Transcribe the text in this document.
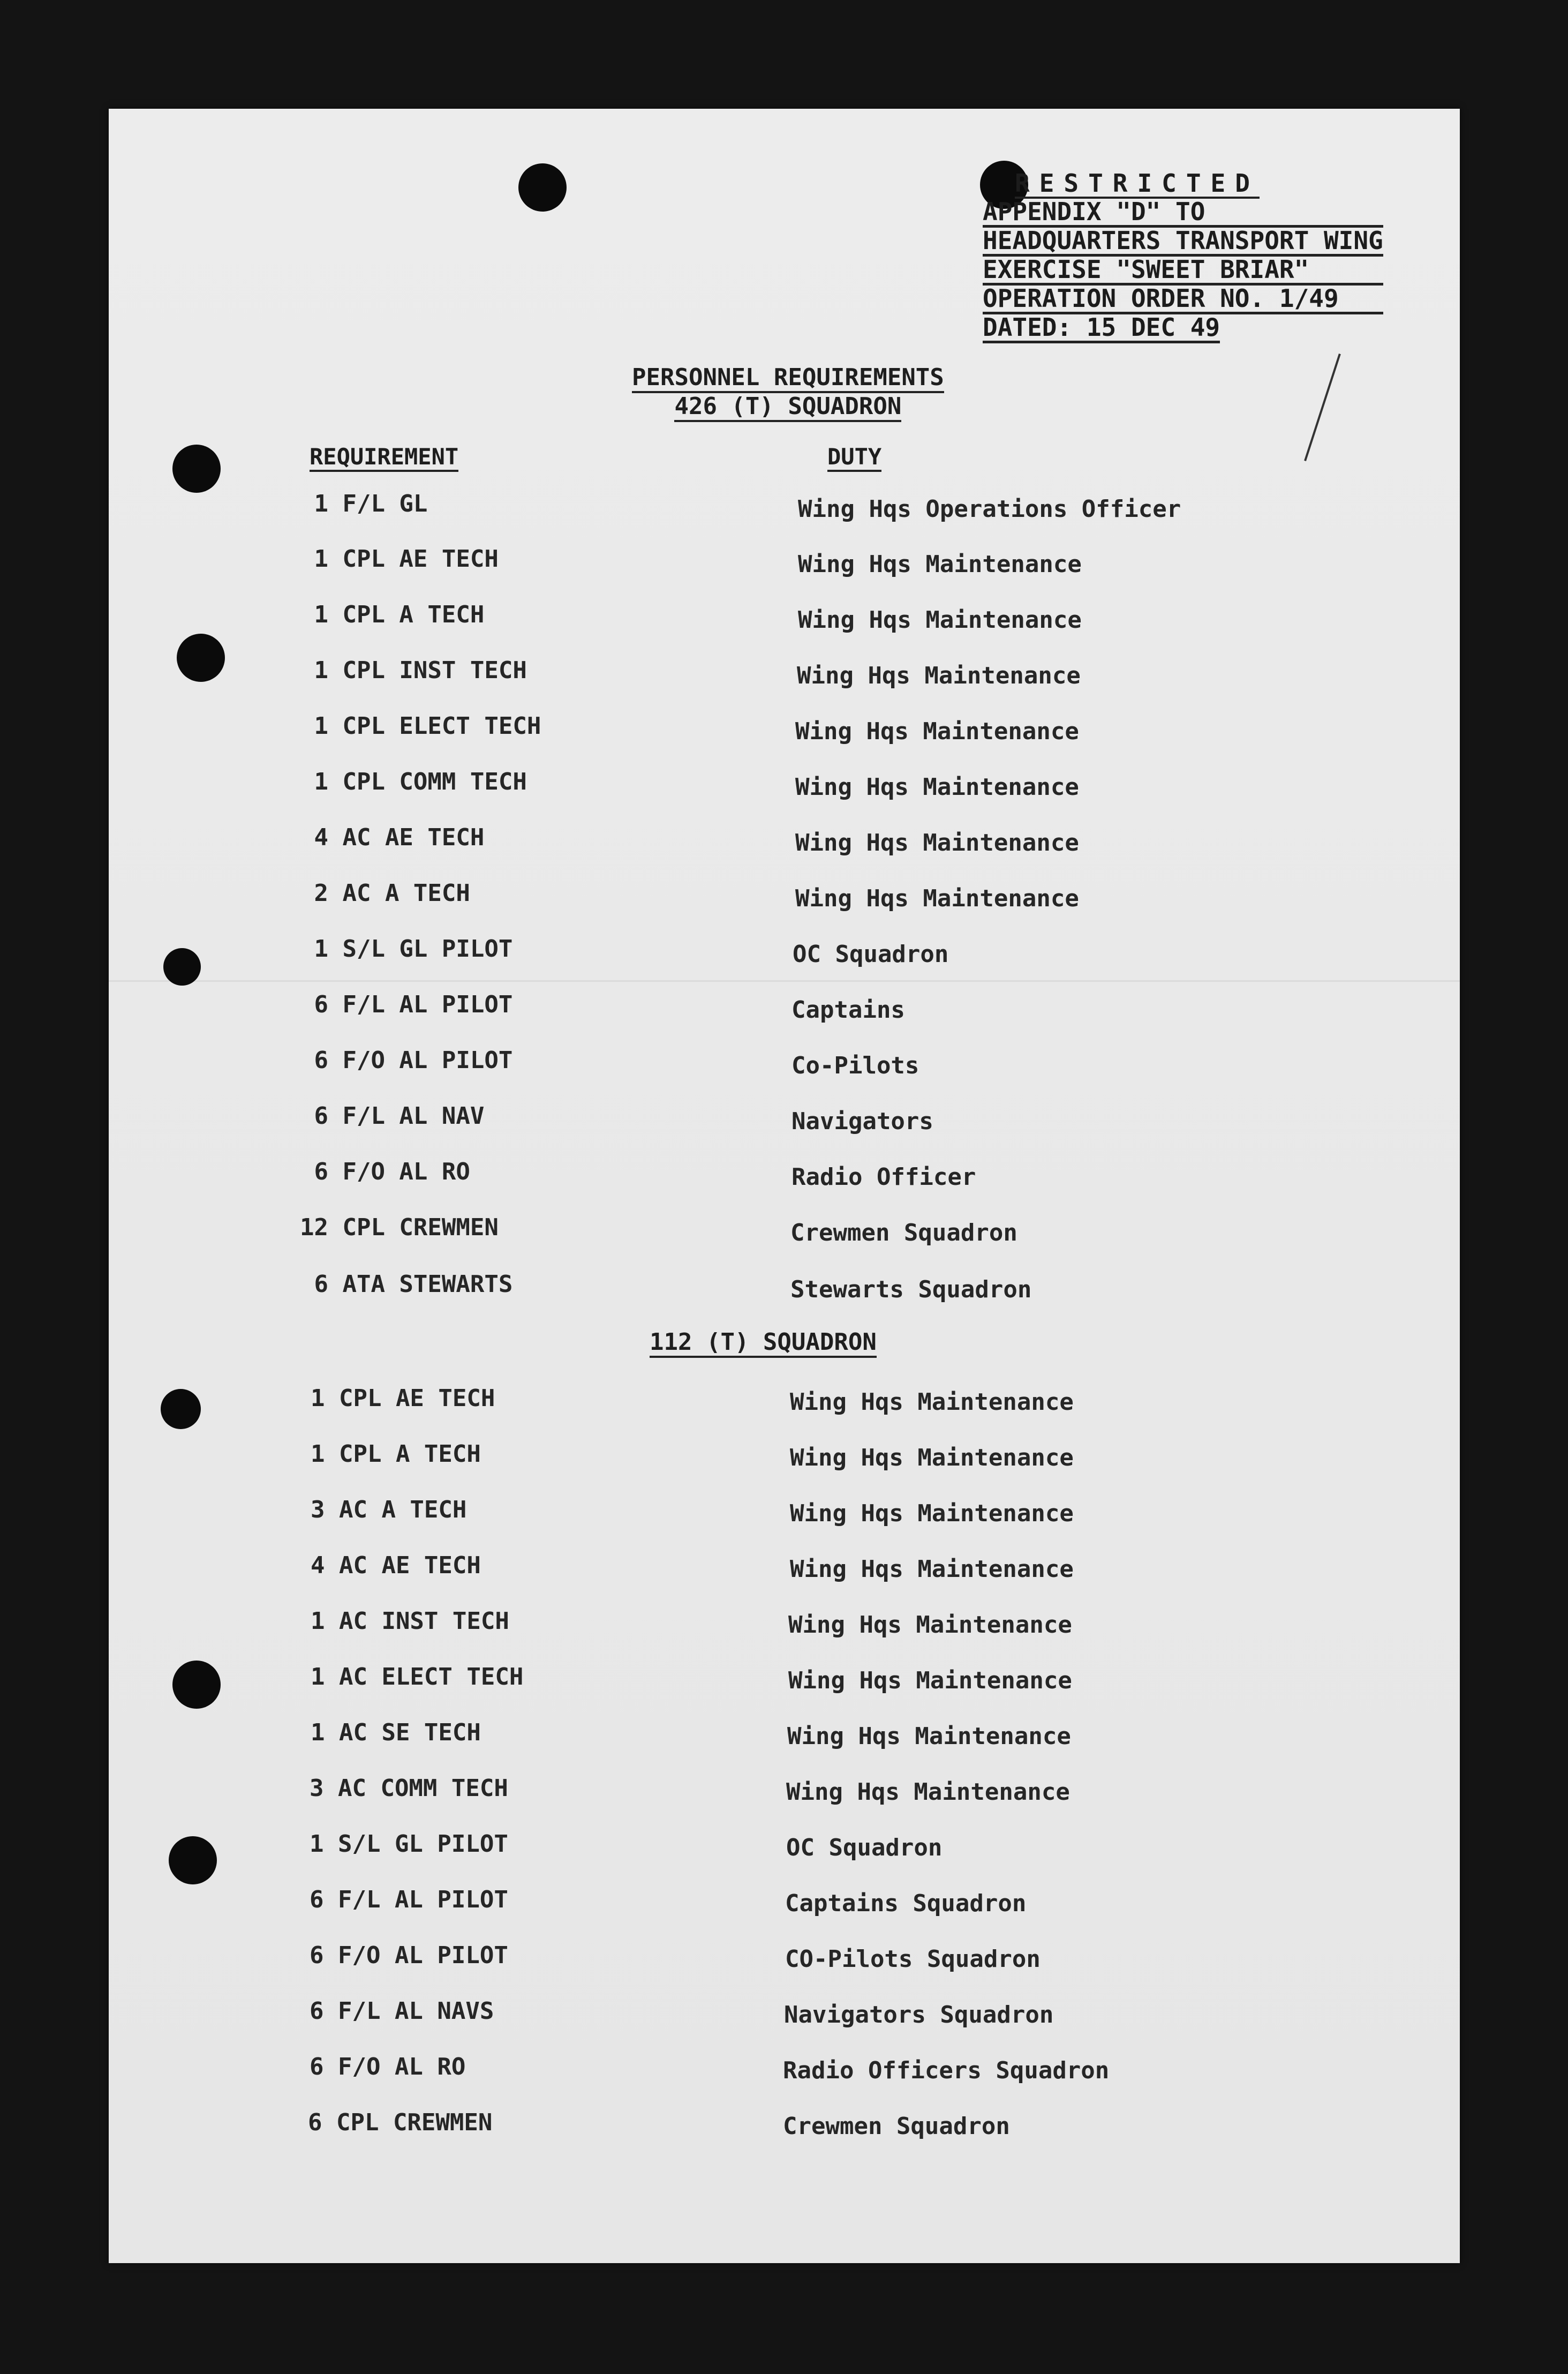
RESTRICTED
APPENDIX "D" TO
HEADQUARTERS TRANSPORT WING
EXERCISE "SWEET BRIAR"
OPERATION ORDER NO. 1/49
DATED: 15 DEC 49
PERSONNEL REQUIREMENTS
426 (T) SQUADRON
REQUIREMENT	DUTY
1 F/L GL	Wing Hqs Operations Officer
1 CPL AE TECH	Wing Hqs Maintenance
1 CPL A TECH	Wing Hqs Maintenance
1 CPL INST TECH	Wing Hqs Maintenance
1 CPL ELECT TECH	Wing Hqs Maintenance
1 CPL COMM TECH	Wing Hqs Maintenance
4 AC AE TECH	Wing Hqs Maintenance
2 AC A TECH	Wing Hqs Maintenance
1 S/L GL PILOT	OC Squadron
6 F/L AL PILOT	Captains
6 F/O AL PILOT	Co-Pilots
6 F/L AL NAV	Navigators
6 F/O AL RO	Radio Officer
12 CPL CREWMEN	Crewmen Squadron
6 ATA STEWARTS	Stewarts Squadron
112 (T) SQUADRON
1 CPL AE TECH	Wing Hqs Maintenance
1 CPL A TECH	Wing Hqs Maintenance
3 AC A TECH	Wing Hqs Maintenance
4 AC AE TECH	Wing Hqs Maintenance
1 AC INST TECH	Wing Hqs Maintenance
1 AC ELECT TECH	Wing Hqs Maintenance
1 AC SE TECH	Wing Hqs Maintenance
3 AC COMM TECH	Wing Hqs Maintenance
1 S/L GL PILOT	OC Squadron
6 F/L AL PILOT	Captains Squadron
6 F/O AL PILOT	CO-Pilots Squadron
6 F/L AL NAVS	Navigators Squadron
6 F/O AL RO	Radio Officers Squadron
6 CPL CREWMEN	Crewmen Squadron
